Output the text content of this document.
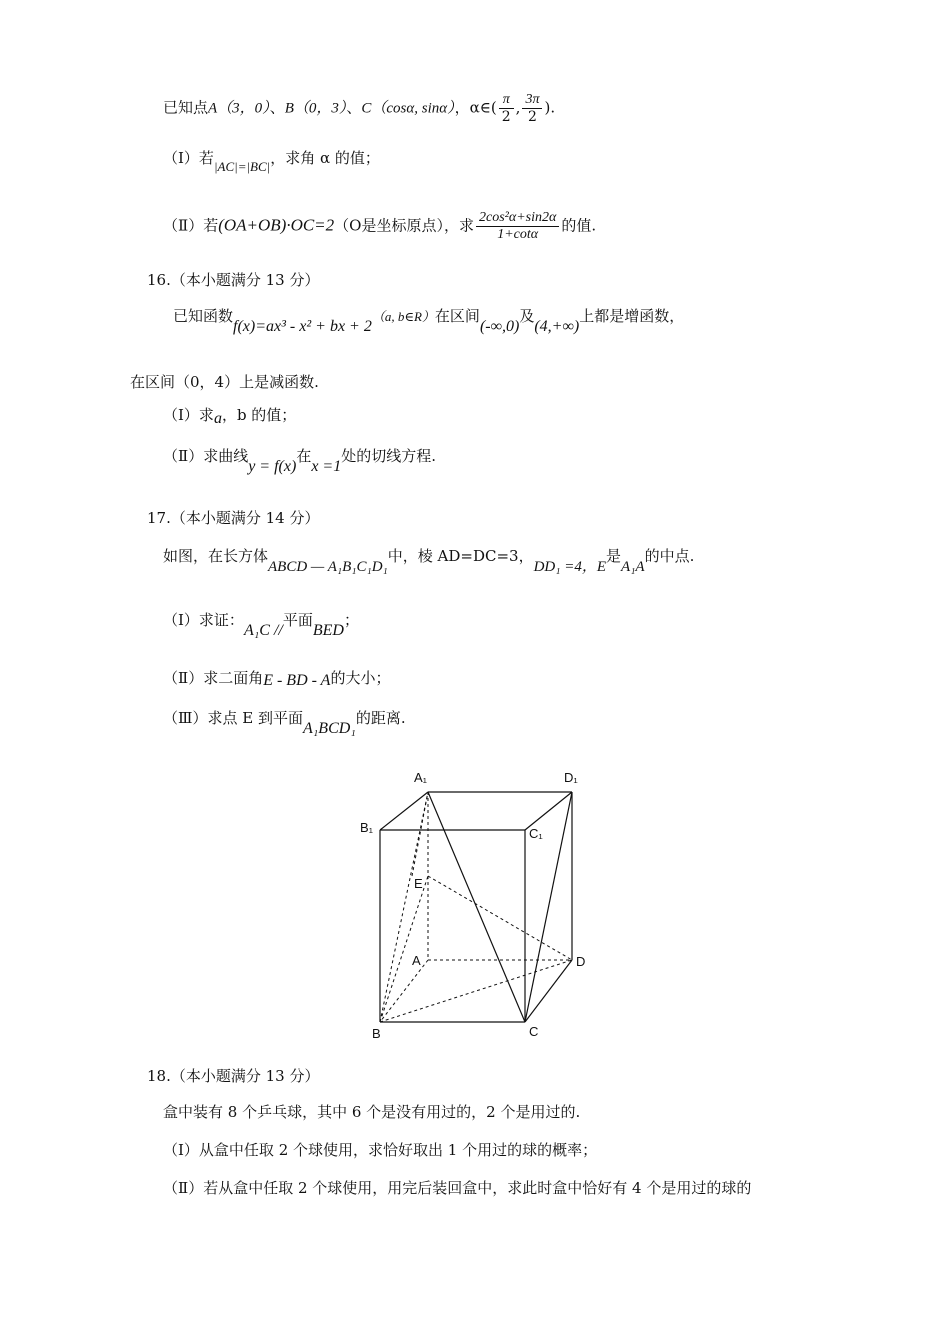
已知点A（3，0）、B（0，3）、C（cosα, sinα），α∈( $\frac{\pi}{2}$ , $\frac{3\pi}{2}$ ).
（Ⅰ）若|AC|=|BC|，求角 α 的值；
（Ⅱ）若(OA+OB)·OC=2（O是坐标原点），求 $\frac{\text{2cos²α+sin2α}}{1+\cot\alpha}$ 的值.
16.（本小题满分 13 分）
已知函数f(x)=ax³ - x² + bx + 2（a, b∈R）在区间(-∞,0)及(4,+∞)上都是增函数，
在区间（0，4）上是减函数.
（Ⅰ）求a，b 的值；
（Ⅱ）求曲线y = f(x)在x =1处的切线方程.
17.（本小题满分 14 分）
如图，在长方体ABCD — A₁B₁C₁D₁中，棱 AD=DC=3，DD₁ =4，E是A₁A的中点.
（Ⅰ）求证：A₁C //平面BED；
（Ⅱ）求二面角E - BD - A的大小；
（Ⅲ）求点 E 到平面A₁BCD₁的距离.
A₁	D₁
B₁	C₁
E
A	D
B	C
18.（本小题满分 13 分）
盒中装有 8 个乒乓球，其中 6 个是没有用过的，2 个是用过的.
（Ⅰ）从盒中任取 2 个球使用，求恰好取出 1 个用过的球的概率；
（Ⅱ）若从盒中任取 2 个球使用，用完后装回盒中，求此时盒中恰好有 4 个是用过的球的
